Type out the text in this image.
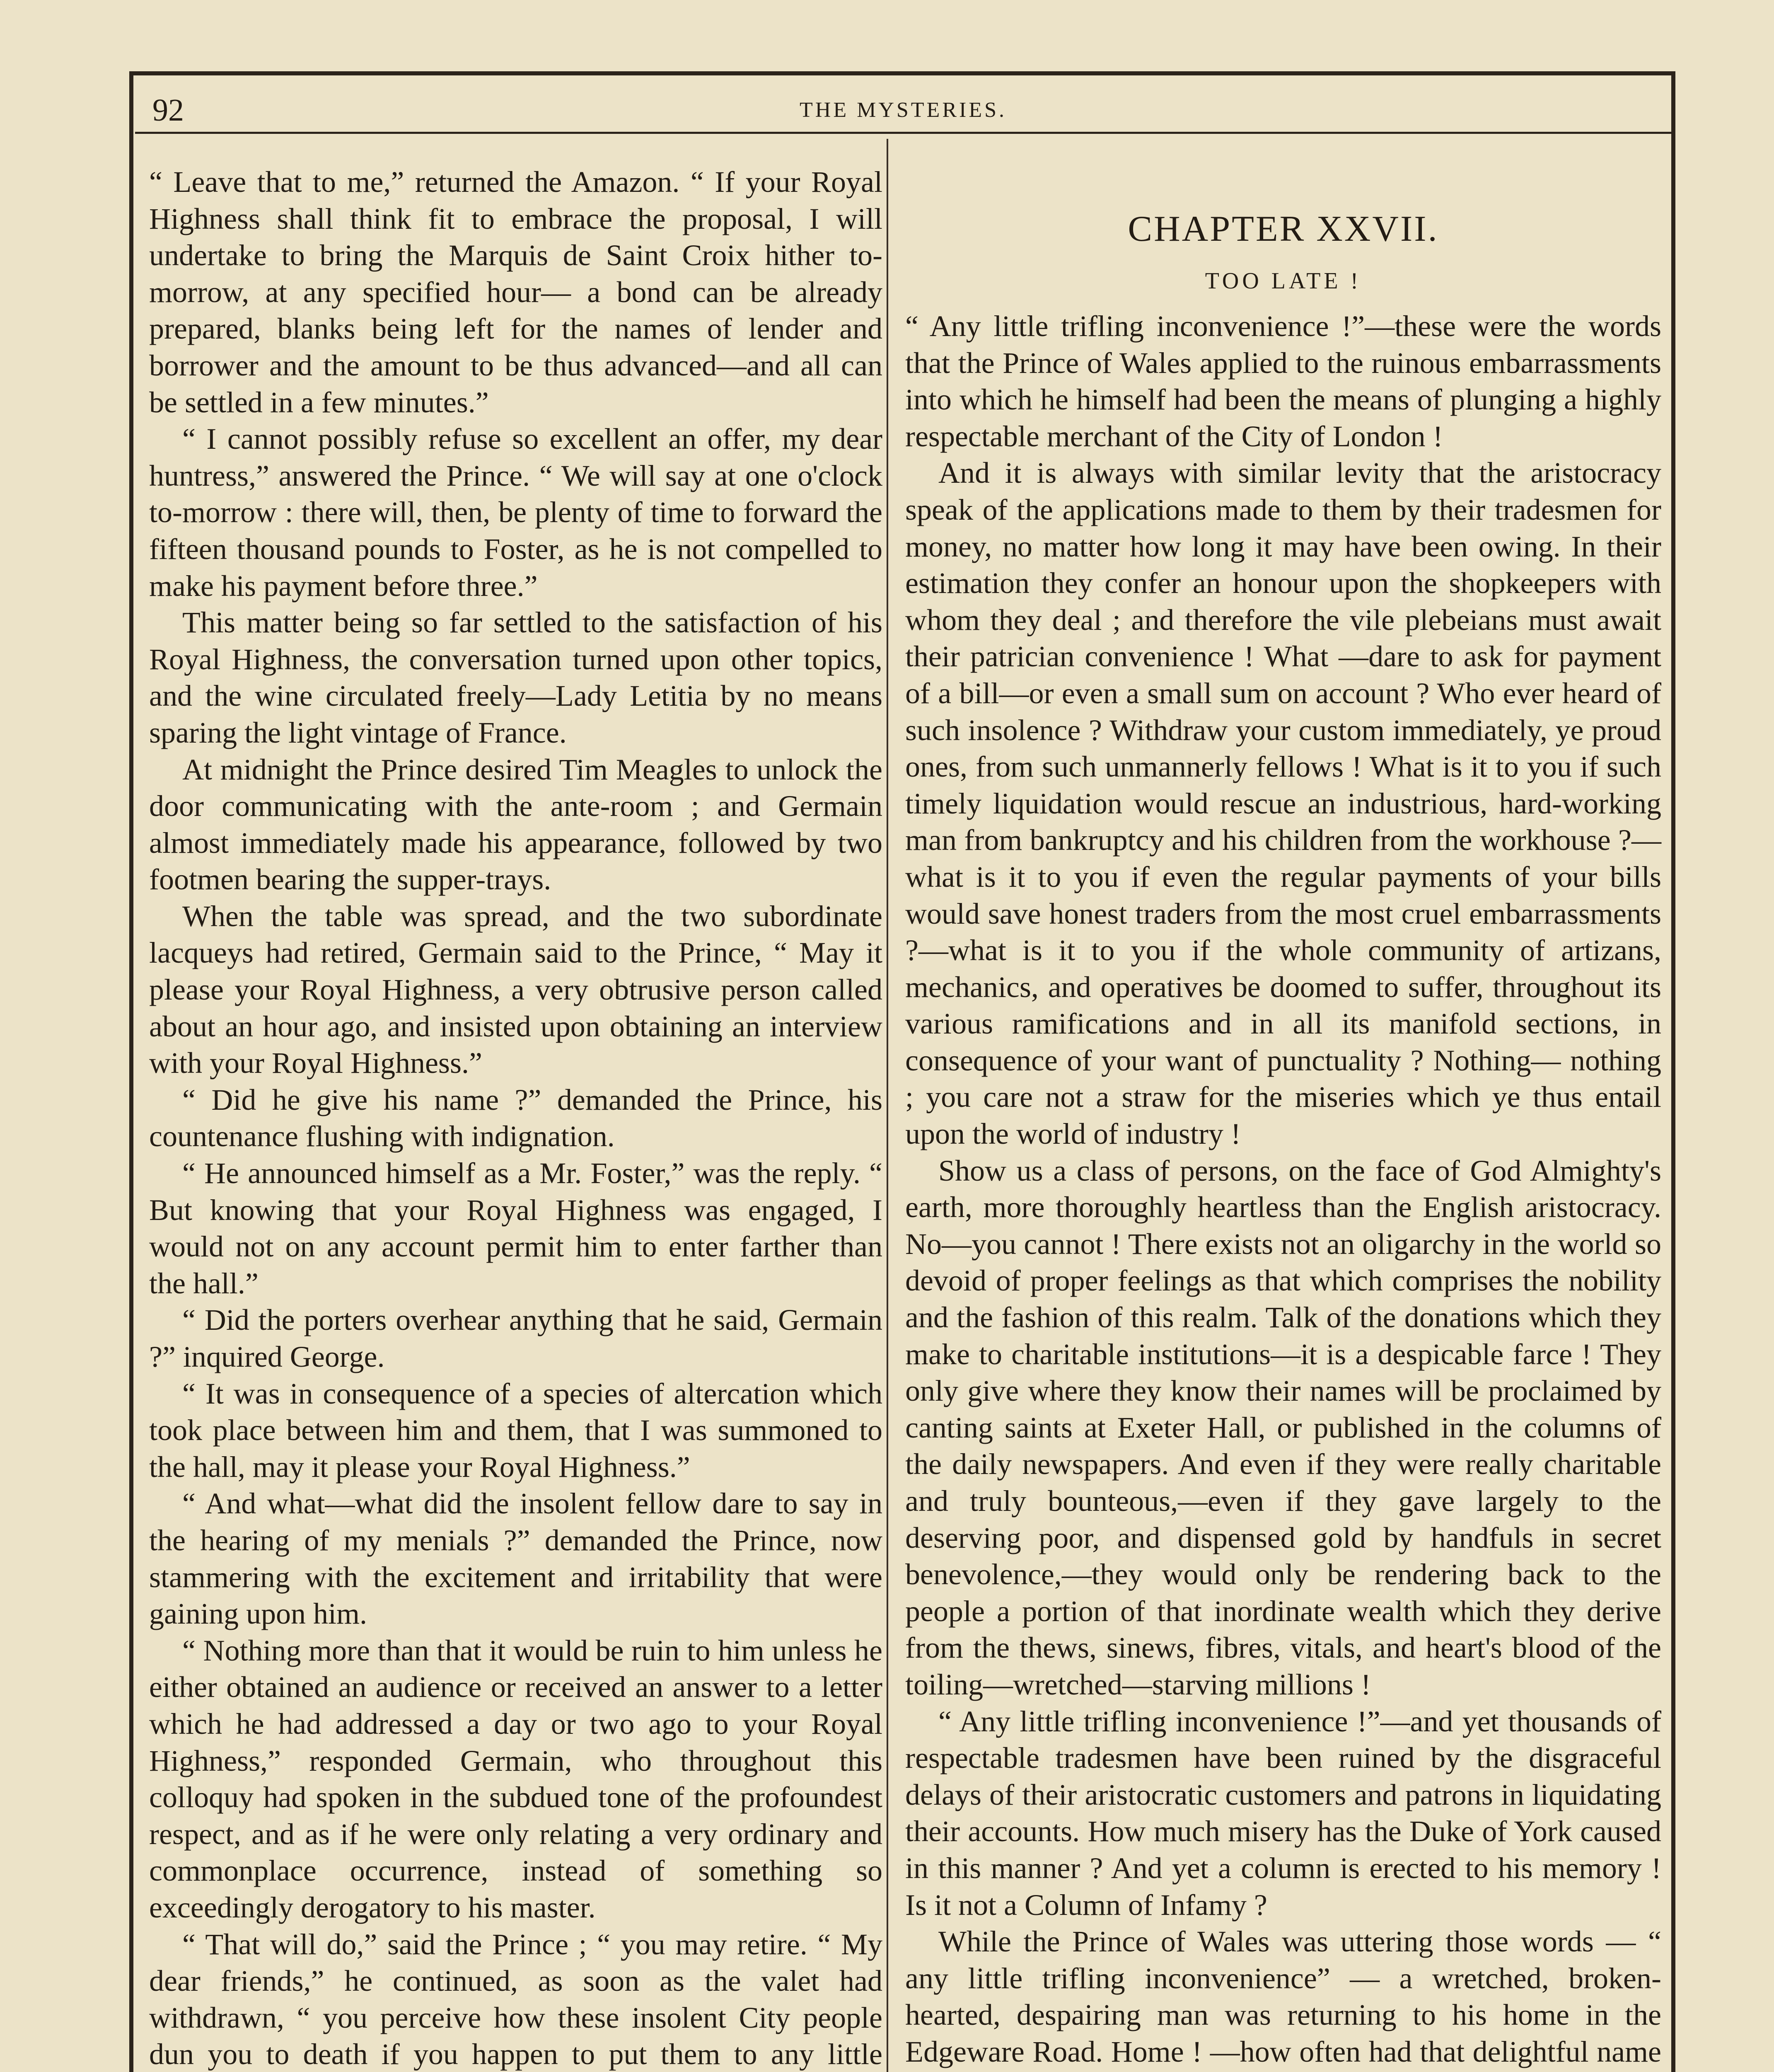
92	THE MYSTERIES.

“ Leave that to me,” returned the Amazon. “ If your Royal Highness shall think fit to embrace the proposal, I will undertake to bring the Marquis de Saint Croix hither to-morrow, at any specified hour— a bond can be already prepared, blanks being left for the names of lender and borrower and the amount to be thus advanced—and all can be settled in a few minutes.”

“ I cannot possibly refuse so excellent an offer, my dear huntress,” answered the Prince. “ We will say at one o'clock to-morrow : there will, then, be plenty of time to forward the fifteen thousand pounds to Foster, as he is not compelled to make his payment before three.”

This matter being so far settled to the satisfaction of his Royal Highness, the conversation turned upon other topics, and the wine circulated freely—Lady Letitia by no means sparing the light vintage of France.

At midnight the Prince desired Tim Meagles to unlock the door communicating with the ante-room ; and Germain almost immediately made his appearance, followed by two footmen bearing the supper-trays.

When the table was spread, and the two subordinate lacqueys had retired, Germain said to the Prince, “ May it please your Royal Highness, a very obtrusive person called about an hour ago, and insisted upon obtaining an interview with your Royal Highness.”

“ Did he give his name ?” demanded the Prince, his countenance flushing with indignation.

“ He announced himself as a Mr. Foster,” was the reply. “ But knowing that your Royal Highness was engaged, I would not on any account permit him to enter farther than the hall.”

“ Did the porters overhear anything that he said, Germain ?” inquired George.

“ It was in consequence of a species of altercation which took place between him and them, that I was summoned to the hall, may it please your Royal Highness.”

“ And what—what did the insolent fellow dare to say in the hearing of my menials ?” demanded the Prince, now stammering with the excitement and irritability that were gaining upon him.

“ Nothing more than that it would be ruin to him unless he either obtained an audience or received an answer to a letter which he had addressed a day or two ago to your Royal Highness,” responded Germain, who throughout this colloquy had spoken in the subdued tone of the profoundest respect, and as if he were only relating a very ordinary and commonplace occurrence, instead of something so exceedingly derogatory to his master.

“ That will do,” said the Prince ; “ you may retire. “ My dear friends,” he continued, as soon as the valet had withdrawn, “ you perceive how these insolent City people dun you to death if you happen to put them to any little

CHAPTER XXVII.
TOO LATE !

“ Any little trifling inconvenience !”—these were the words that the Prince of Wales applied to the ruinous embarrassments into which he himself had been the means of plunging a highly respectable merchant of the City of London !

And it is always with similar levity that the aristocracy speak of the applications made to them by their tradesmen for money, no matter how long it may have been owing. In their estimation they confer an honour upon the shopkeepers with whom they deal ; and therefore the vile plebeians must await their patrician convenience ! What —dare to ask for payment of a bill—or even a small sum on account ? Who ever heard of such insolence ? Withdraw your custom immediately, ye proud ones, from such unmannerly fellows ! What is it to you if such timely liquidation would rescue an industrious, hard-working man from bankruptcy and his children from the workhouse ?—what is it to you if even the regular payments of your bills would save honest traders from the most cruel embarrassments ?—what is it to you if the whole community of artizans, mechanics, and operatives be doomed to suffer, throughout its various ramifications and in all its manifold sections, in consequence of your want of punctuality ? Nothing— nothing ; you care not a straw for the miseries which ye thus entail upon the world of industry !

Show us a class of persons, on the face of God Almighty's earth, more thoroughly heartless than the English aristocracy. No—you cannot ! There exists not an oligarchy in the world so devoid of proper feelings as that which comprises the nobility and the fashion of this realm. Talk of the donations which they make to charitable institutions—it is a despicable farce ! They only give where they know their names will be proclaimed by canting saints at Exeter Hall, or published in the columns of the daily newspapers. And even if they were really charitable and truly bounteous,—even if they gave largely to the deserving poor, and dispensed gold by handfuls in secret benevolence,—they would only be rendering back to the people a portion of that inordinate wealth which they derive from the thews, sinews, fibres, vitals, and heart's blood of the toiling—wretched—starving millions !

“ Any little trifling inconvenience !”—and yet thousands of respectable tradesmen have been ruined by the disgraceful delays of their aristocratic customers and patrons in liquidating their accounts. How much misery has the Duke of York caused in this manner ? And yet a column is erected to his memory ! Is it not a Column of Infamy ?

While the Prince of Wales was uttering those words — “ any little trifling inconvenience” — a wretched, broken-hearted, despairing man was returning to his home in the Edgeware Road. Home ! —how often had that delightful name
